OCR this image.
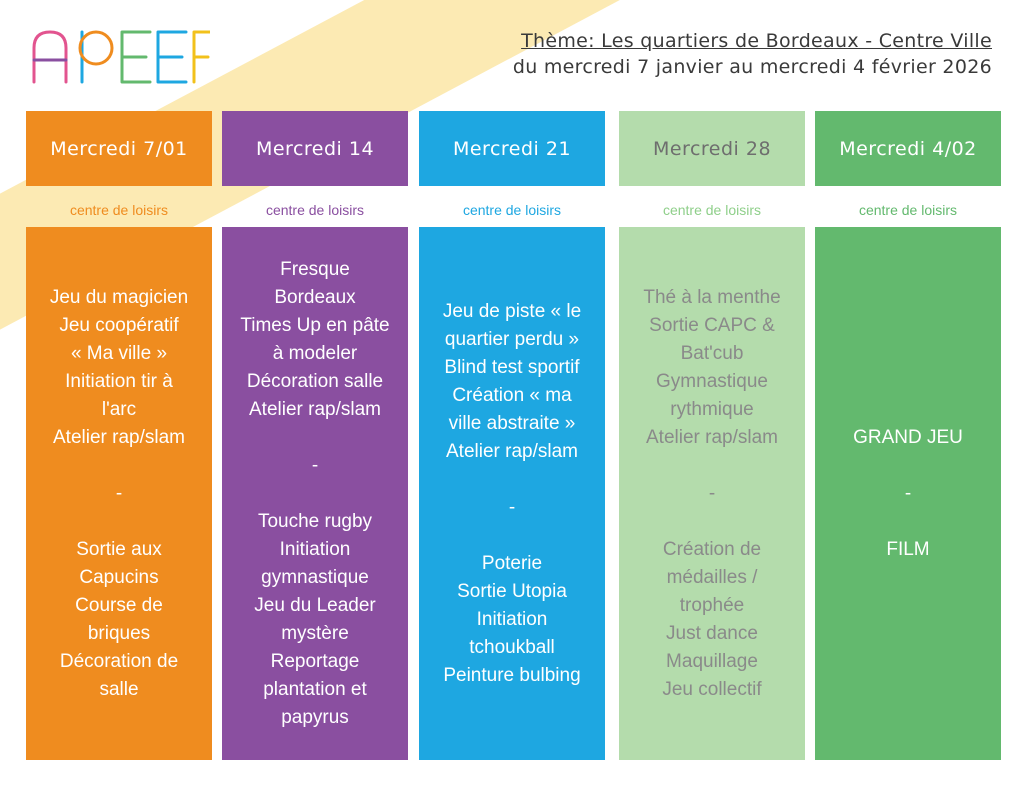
Thème: Les quartiers de Bordeaux - Centre Ville
du mercredi 7 janvier au mercredi 4 février 2026
Mercredi 7/01
centre de loisirs
Jeu du magicien
Jeu coopératif
« Ma ville »
Initiation tir à
l'arc
Atelier rap/slam
-
Sortie aux
Capucins
Course de
briques
Décoration de
salle
Mercredi 14
centre de loisirs
Fresque
Bordeaux
Times Up en pâte
à modeler
Décoration salle
Atelier rap/slam
-
Touche rugby
Initiation
gymnastique
Jeu du Leader
mystère
Reportage
plantation et
papyrus
Mercredi 21
centre de loisirs
Jeu de piste « le
quartier perdu »
Blind test sportif
Création « ma
ville abstraite »
Atelier rap/slam
-
Poterie
Sortie Utopia
Initiation
tchoukball
Peinture bulbing
Mercredi 28
centre de loisirs
Thé à la menthe
Sortie CAPC &
Bat'cub
Gymnastique
rythmique
Atelier rap/slam
-
Création de
médailles /
trophée
Just dance
Maquillage
Jeu collectif
Mercredi 4/02
centre de loisirs
GRAND JEU
-
FILM
